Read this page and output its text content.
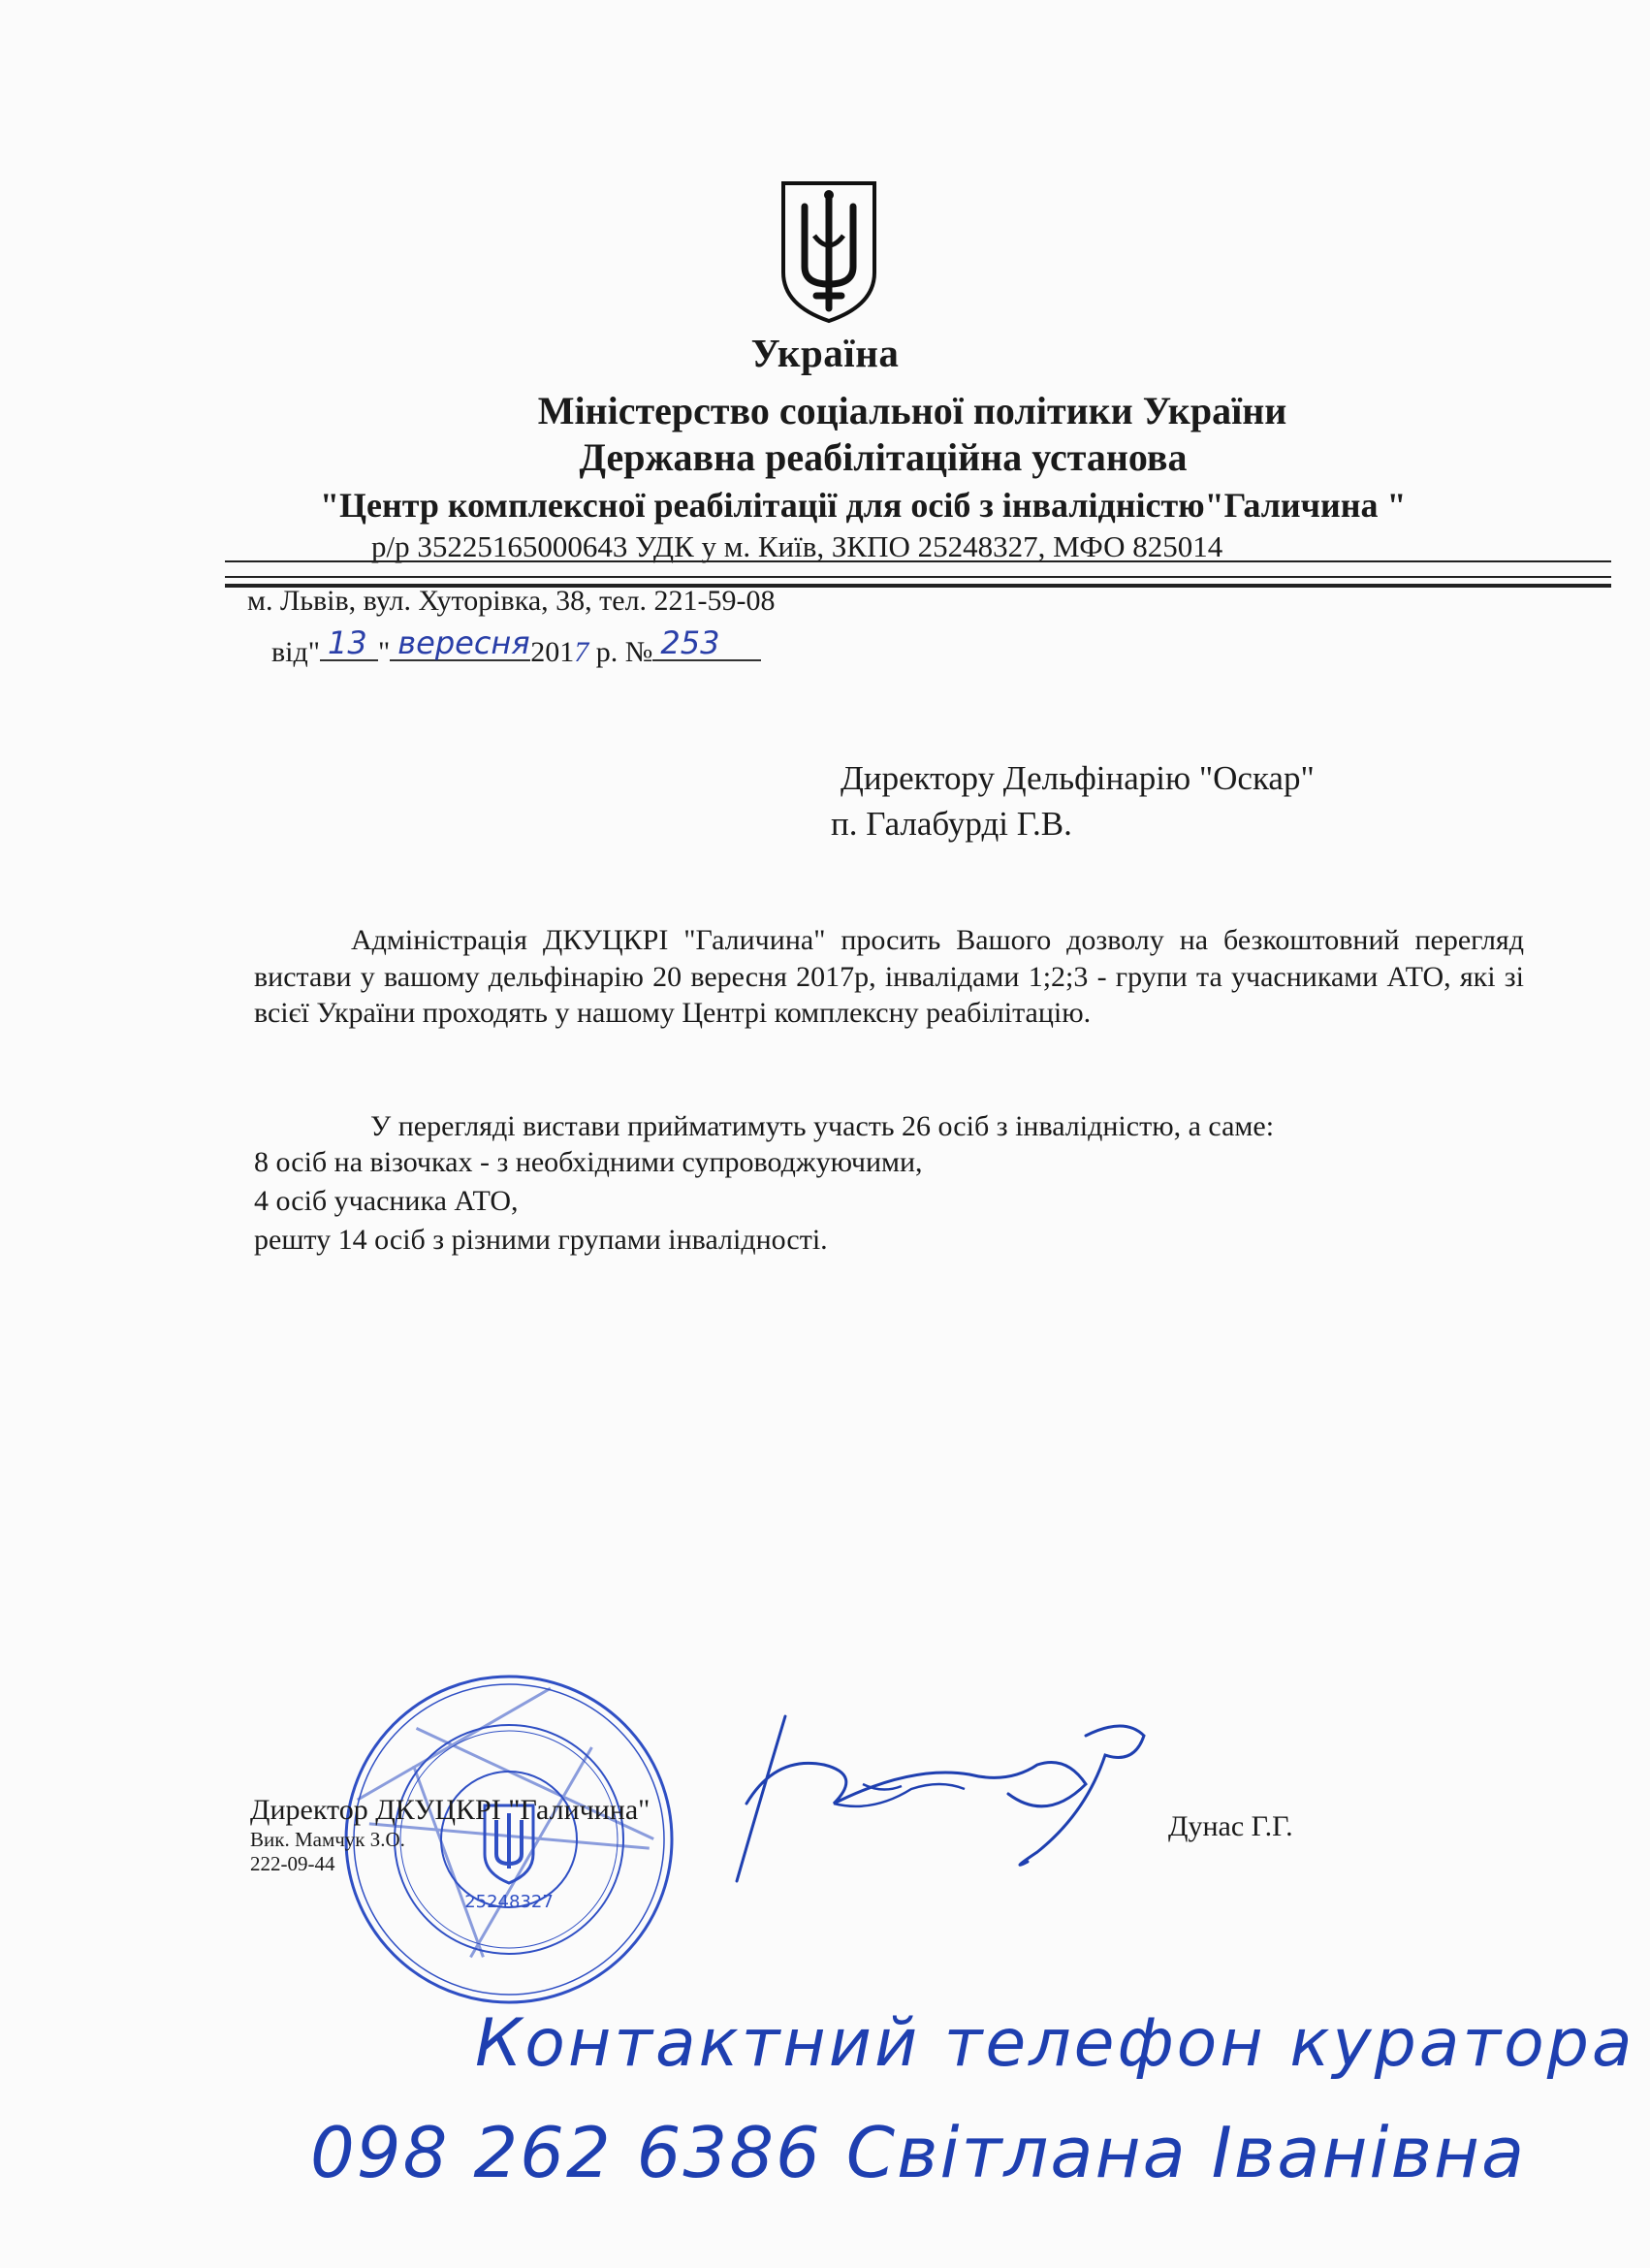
Україна
Міністерство соціальної політики України
Державна реабілітаційна установа
"Центр комплексної реабілітації для осіб з інвалідністю"Галичина "
р/р 35225165000643 УДК у м. Київ, ЗКПО 25248327, МФО 825014
м. Львів, вул. Хуторівка, 38, тел. 221-59-08
від" 13 " вересня 2017 р. № 253
Директору Дельфінарію "Оскар"
п. Галабурді Г.В.
Адміністрація ДКУЦКРІ "Галичина" просить Вашого дозволу на безкоштовний перегляд вистави у вашому дельфінарію 20 вересня 2017р, інвалідами 1;2;3 - групи та учасниками АТО, які зі всієї України проходять у нашому Центрі комплексну реабілітацію.
У перегляді вистави прийматимуть участь 26 осіб з інвалідністю, а саме:
8 осіб на візочках - з необхідними супроводжуючими,
4 осіб учасника АТО,
решту 14 осіб з різними групами інвалідності.
25248327
Директор ДКУЦКРІ "Галичина"
Дунас Г.Г.
Вик. Мамчук З.О.
222-09-44
Контактний телефон куратора
098 262 6386 Світлана Іванівна
